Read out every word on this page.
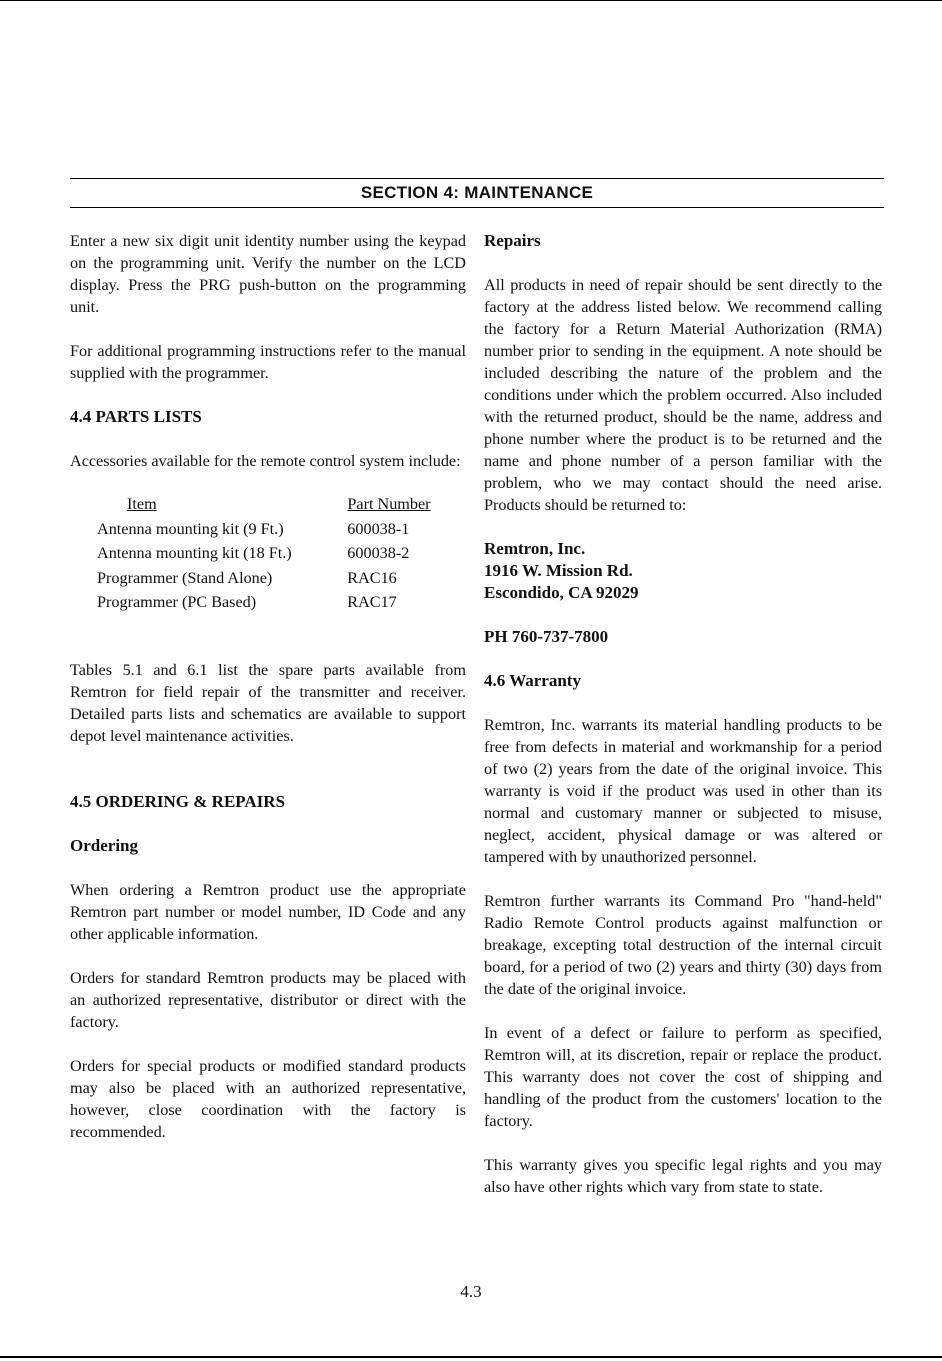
SECTION 4: MAINTENANCE

Enter a new six digit unit identity number using the keypad on the programming unit. Verify the number on the LCD display. Press the PRG push-button on the programming unit.

For additional programming instructions refer to the manual supplied with the programmer.

4.4 PARTS LISTS

Accessories available for the remote control system include:

Item	Part Number
Antenna mounting kit (9 Ft.)	600038-1
Antenna mounting kit (18 Ft.)	600038-2
Programmer (Stand Alone)	RAC16
Programmer (PC Based)	RAC17

Tables 5.1 and 6.1 list the spare parts available from Remtron for field repair of the transmitter and receiver. Detailed parts lists and schematics are available to support depot level maintenance activities.

4.5 ORDERING & REPAIRS
Ordering

When ordering a Remtron product use the appropriate Remtron part number or model number, ID Code and any other applicable information.

Orders for standard Remtron products may be placed with an authorized representative, distributor or direct with the factory.

Orders for special products or modified standard products may also be placed with an authorized representative, however, close coordination with the factory is recommended.

Repairs

All products in need of repair should be sent directly to the factory at the address listed below. We recommend calling the factory for a Return Material Authorization (RMA) number prior to sending in the equipment. A note should be included describing the nature of the problem and the conditions under which the problem occurred. Also included with the returned product, should be the name, address and phone number where the product is to be returned and the name and phone number of a person familiar with the problem, who we may contact should the need arise. Products should be returned to:

Remtron, Inc.
1916 W. Mission Rd.
Escondido, CA 92029
PH 760-737-7800
4.6 Warranty

Remtron, Inc. warrants its material handling products to be free from defects in material and workmanship for a period of two (2) years from the date of the original invoice. This warranty is void if the product was used in other than its normal and customary manner or subjected to misuse, neglect, accident, physical damage or was altered or tampered with by unauthorized personnel.

Remtron further warrants its Command Pro "hand-held" Radio Remote Control products against malfunction or breakage, excepting total destruction of the internal circuit board, for a period of two (2) years and thirty (30) days from the date of the original invoice.

In event of a defect or failure to perform as specified, Remtron will, at its discretion, repair or replace the product. This warranty does not cover the cost of shipping and handling of the product from the customers' location to the factory.

This warranty gives you specific legal rights and you may also have other rights which vary from state to state.

4.3
